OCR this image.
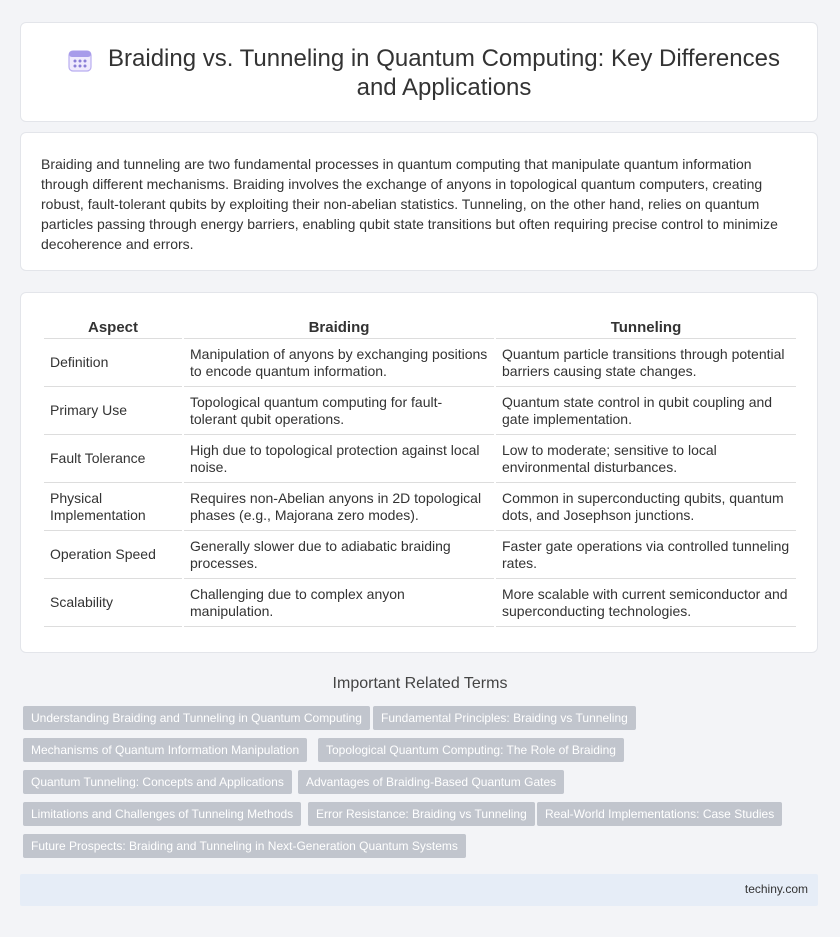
Braiding vs. Tunneling in Quantum Computing: Key Differences and Applications

Braiding and tunneling are two fundamental processes in quantum computing that manipulate quantum information through different mechanisms. Braiding involves the exchange of anyons in topological quantum computers, creating robust, fault-tolerant qubits by exploiting their non-abelian statistics. Tunneling, on the other hand, relies on quantum particles passing through energy barriers, enabling qubit state transitions but often requiring precise control to minimize decoherence and errors.

Aspect	Braiding	Tunneling
Definition	Manipulation of anyons by exchanging positions to encode quantum information.	Quantum particle transitions through potential barriers causing state changes.
Primary Use	Topological quantum computing for fault-tolerant qubit operations.	Quantum state control in qubit coupling and gate implementation.
Fault Tolerance	High due to topological protection against local noise.	Low to moderate; sensitive to local environmental disturbances.
Physical Implementation	Requires non-Abelian anyons in 2D topological phases (e.g., Majorana zero modes).	Common in superconducting qubits, quantum dots, and Josephson junctions.
Operation Speed	Generally slower due to adiabatic braiding processes.	Faster gate operations via controlled tunneling rates.
Scalability	Challenging due to complex anyon manipulation.	More scalable with current semiconductor and superconducting technologies.
Important Related Terms
Understanding Braiding and Tunneling in Quantum Computing	Fundamental Principles: Braiding vs Tunneling
Mechanisms of Quantum Information Manipulation	Topological Quantum Computing: The Role of Braiding
Quantum Tunneling: Concepts and Applications	Advantages of Braiding-Based Quantum Gates
Limitations and Challenges of Tunneling Methods	Error Resistance: Braiding vs Tunneling	Real-World Implementations: Case Studies
Future Prospects: Braiding and Tunneling in Next-Generation Quantum Systems
techiny.com
